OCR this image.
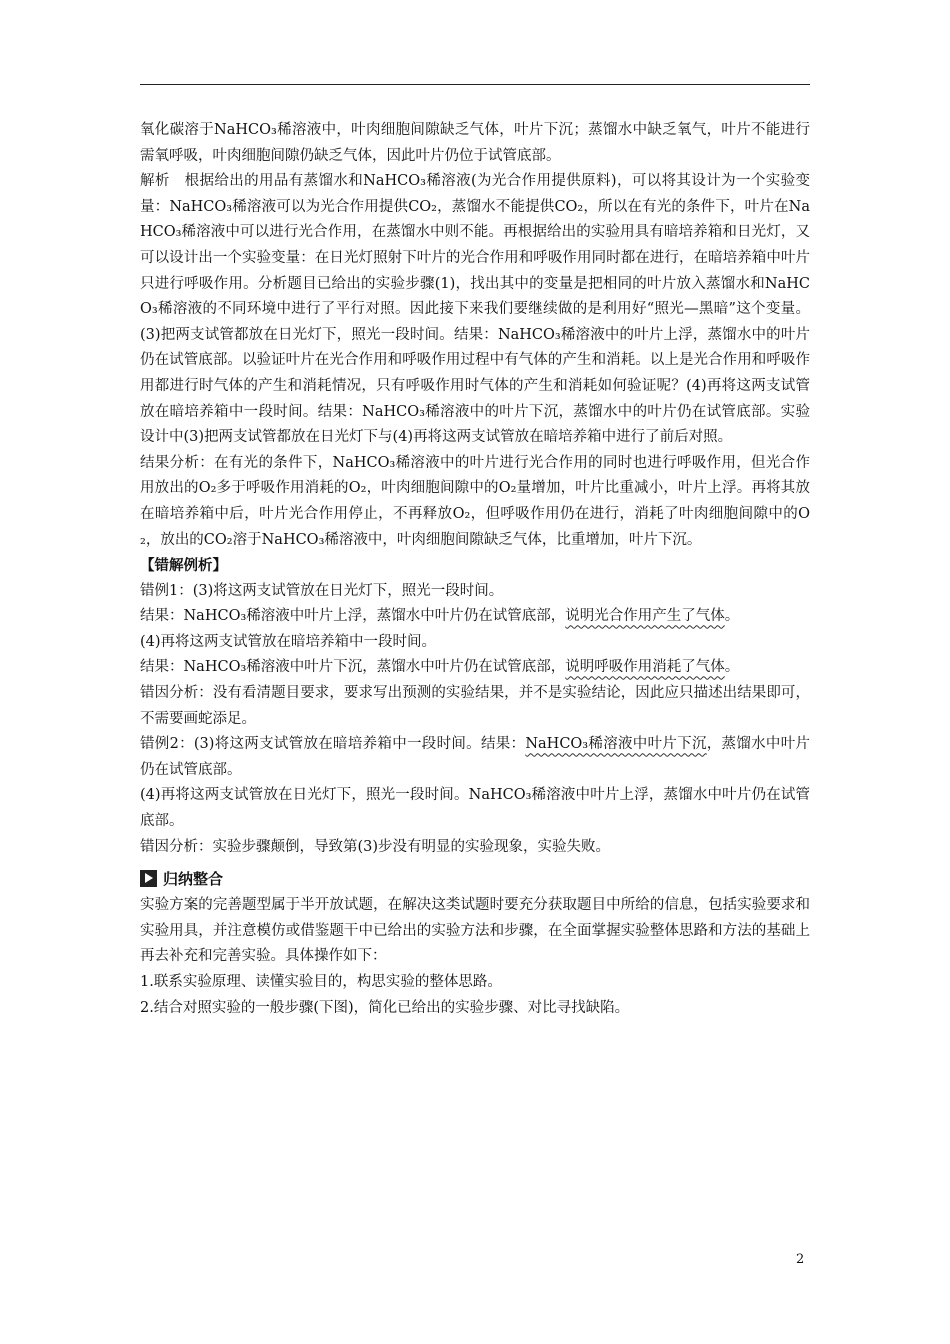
氧化碳溶于NaHCO₃稀溶液中，叶肉细胞间隙缺乏气体，叶片下沉；蒸馏水中缺乏氧气，叶片不能进行需氧呼吸，叶肉细胞间隙仍缺乏气体，因此叶片仍位于试管底部。

解析　根据给出的用品有蒸馏水和NaHCO₃稀溶液(为光合作用提供原料)，可以将其设计为一个实验变量：NaHCO₃稀溶液可以为光合作用提供CO₂，蒸馏水不能提供CO₂，所以在有光的条件下，叶片在NaHCO₃稀溶液中可以进行光合作用，在蒸馏水中则不能。再根据给出的实验用具有暗培养箱和日光灯，又可以设计出一个实验变量：在日光灯照射下叶片的光合作用和呼吸作用同时都在进行，在暗培养箱中叶片只进行呼吸作用。分析题目已给出的实验步骤(1)，找出其中的变量是把相同的叶片放入蒸馏水和NaHCO₃稀溶液的不同环境中进行了平行对照。因此接下来我们要继续做的是利用好“照光—黑暗”这个变量。(3)把两支试管都放在日光灯下，照光一段时间。结果：NaHCO₃稀溶液中的叶片上浮，蒸馏水中的叶片仍在试管底部。以验证叶片在光合作用和呼吸作用过程中有气体的产生和消耗。以上是光合作用和呼吸作用都进行时气体的产生和消耗情况，只有呼吸作用时气体的产生和消耗如何验证呢？(4)再将这两支试管放在暗培养箱中一段时间。结果：NaHCO₃稀溶液中的叶片下沉，蒸馏水中的叶片仍在试管底部。实验设计中(3)把两支试管都放在日光灯下与(4)再将这两支试管放在暗培养箱中进行了前后对照。

结果分析：在有光的条件下，NaHCO₃稀溶液中的叶片进行光合作用的同时也进行呼吸作用，但光合作用放出的O₂多于呼吸作用消耗的O₂，叶肉细胞间隙中的O₂量增加，叶片比重减小，叶片上浮。再将其放在暗培养箱中后，叶片光合作用停止，不再释放O₂，但呼吸作用仍在进行，消耗了叶肉细胞间隙中的O₂，放出的CO₂溶于NaHCO₃稀溶液中，叶肉细胞间隙缺乏气体，比重增加，叶片下沉。

【错解例析】

错例1：(3)将这两支试管放在日光灯下，照光一段时间。

结果：NaHCO₃稀溶液中叶片上浮，蒸馏水中叶片仍在试管底部，说明光合作用产生了气体。

(4)再将这两支试管放在暗培养箱中一段时间。

结果：NaHCO₃稀溶液中叶片下沉，蒸馏水中叶片仍在试管底部，说明呼吸作用消耗了气体。

错因分析：没有看清题目要求，要求写出预测的实验结果，并不是实验结论，因此应只描述出结果即可，不需要画蛇添足。

错例2：(3)将这两支试管放在暗培养箱中一段时间。结果：NaHCO₃稀溶液中叶片下沉，蒸馏水中叶片仍在试管底部。

(4)再将这两支试管放在日光灯下，照光一段时间。NaHCO₃稀溶液中叶片上浮，蒸馏水中叶片仍在试管底部。

错因分析：实验步骤颠倒，导致第(3)步没有明显的实验现象，实验失败。

归纳整合

实验方案的完善题型属于半开放试题，在解决这类试题时要充分获取题目中所给的信息，包括实验要求和实验用具，并注意模仿或借鉴题干中已给出的实验方法和步骤，在全面掌握实验整体思路和方法的基础上再去补充和完善实验。具体操作如下：

1.联系实验原理、读懂实验目的，构思实验的整体思路。

2.结合对照实验的一般步骤(下图)，简化已给出的实验步骤、对比寻找缺陷。

2
